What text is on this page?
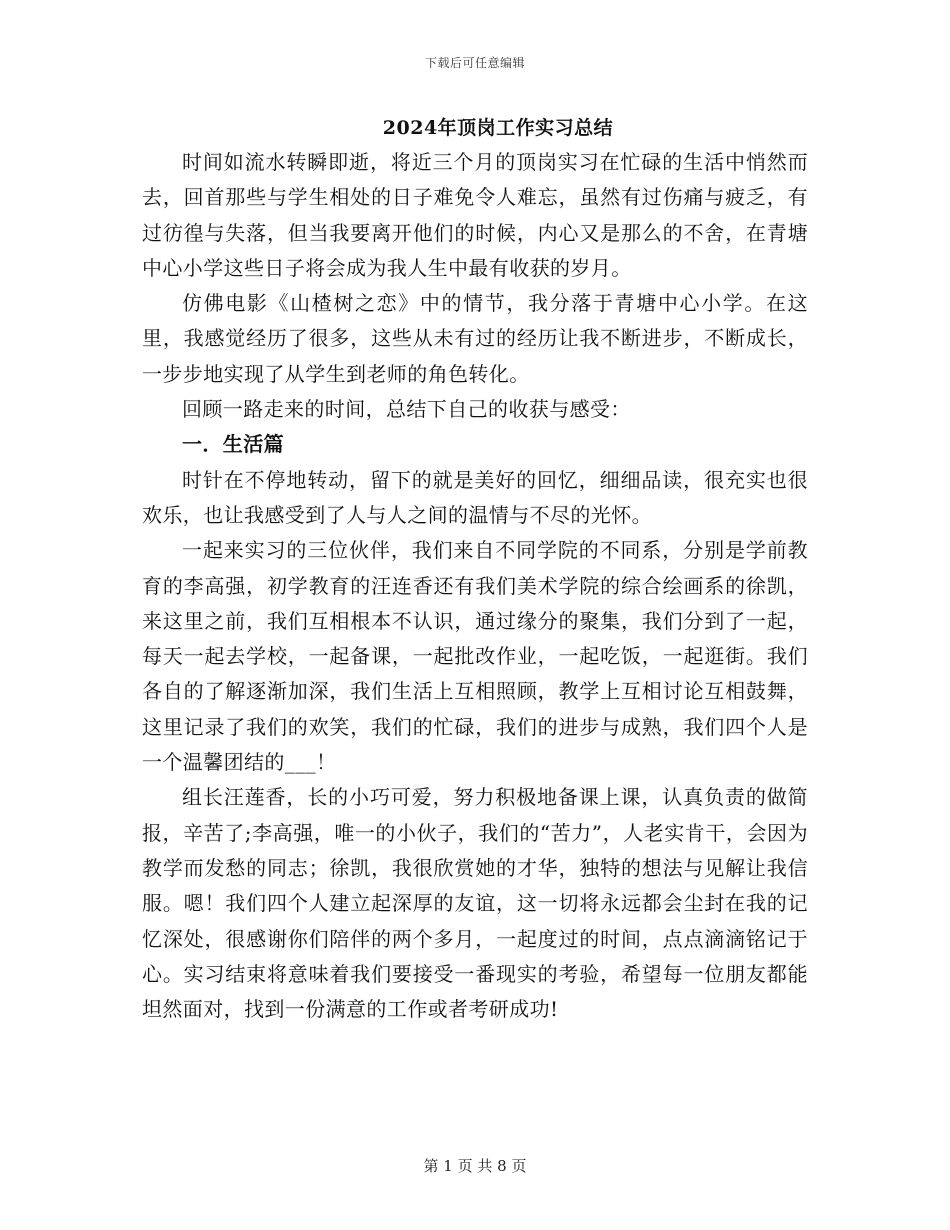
下载后可任意编辑
2024年顶岗工作实习总结

时间如流水转瞬即逝，将近三个月的顶岗实习在忙碌的生活中悄然而去，回首那些与学生相处的日子难免令人难忘，虽然有过伤痛与疲乏，有过彷徨与失落，但当我要离开他们的时候，内心又是那么的不舍，在青塘中心小学这些日子将会成为我人生中最有收获的岁月。

仿佛电影《山楂树之恋》中的情节，我分落于青塘中心小学。在这里，我感觉经历了很多，这些从未有过的经历让我不断进步，不断成长，一步步地实现了从学生到老师的角色转化。

回顾一路走来的时间，总结下自己的收获与感受：

一．生活篇

时针在不停地转动，留下的就是美好的回忆，细细品读，很充实也很欢乐，也让我感受到了人与人之间的温情与不尽的光怀。

一起来实习的三位伙伴，我们来自不同学院的不同系，分别是学前教育的李高强，初学教育的汪连香还有我们美术学院的综合绘画系的徐凯，来这里之前，我们互相根本不认识，通过缘分的聚集，我们分到了一起，每天一起去学校，一起备课，一起批改作业，一起吃饭，一起逛街。我们各自的了解逐渐加深，我们生活上互相照顾，教学上互相讨论互相鼓舞，这里记录了我们的欢笑，我们的忙碌，我们的进步与成熟，我们四个人是一个温馨团结的___！

组长汪莲香，长的小巧可爱，努力积极地备课上课，认真负责的做简报，辛苦了;李高强，唯一的小伙子，我们的“苦力”，人老实肯干，会因为教学而发愁的同志；徐凯，我很欣赏她的才华，独特的想法与见解让我信服。嗯！我们四个人建立起深厚的友谊，这一切将永远都会尘封在我的记忆深处，很感谢你们陪伴的两个多月，一起度过的时间，点点滴滴铭记于心。实习结束将意味着我们要接受一番现实的考验，希望每一位朋友都能坦然面对，找到一份满意的工作或者考研成功!

第 1 页 共 8 页
